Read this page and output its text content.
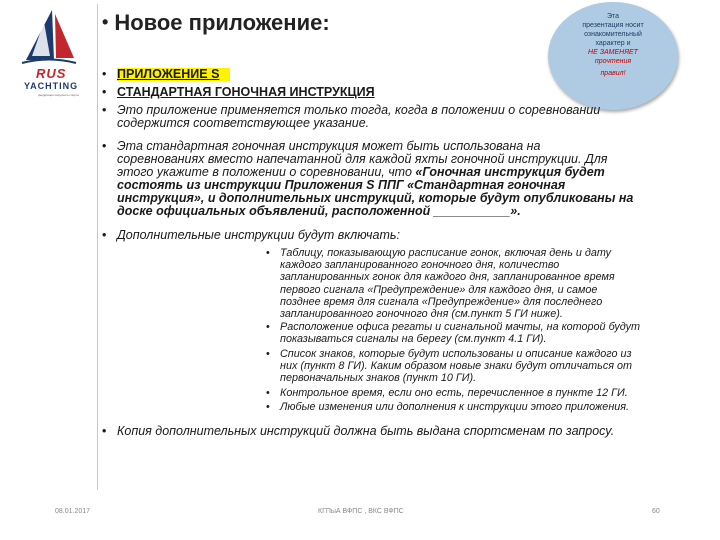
RUS
YACHTING
федерация парусного спорта
• Новое приложение:	Эта
презентация носит
ознакомительный
характер и
НЕ ЗАМЕНЯЕТ
прочтения
правил!
• ПРИЛОЖЕНИЕ S
• СТАНДАРТНАЯ ГОНОЧНАЯ ИНСТРУКЦИЯ
• Это приложение применяется только тогда, когда в положении о соревновании
содержится соответствующее указание.
• Эта стандартная гоночная инструкция может быть использована на
соревнованиях вместо напечатанной для каждой яхты гоночной инструкции. Для
этого укажите в положении о соревновании, что «Гоночная инструкция будет
состоять из инструкции Приложения S ППГ «Стандартная гоночная
инструкция», и дополнительных инструкций, которые будут опубликованы на
доске официальных объявлений, расположенной ___________».
• Дополнительные инструкции будут включать:
• Таблицу, показывающую расписание гонок, включая день и дату
каждого запланированного гоночного дня, количество
запланированных гонок для каждого дня, запланированное время
первого сигнала «Предупреждение» для каждого дня, и самое
позднее время для сигнала «Предупреждение» для последнего
запланированного гоночного дня (см.пункт 5 ГИ ниже).
• Расположение офиса регаты и сигнальной мачты, на которой будут
показываться сигналы на берегу (см.пункт 4.1 ГИ).
• Список знаков, которые будут использованы и описание каждого из
них (пункт 8 ГИ). Каким образом новые знаки будут отличаться от
первоначальных знаков (пункт 10 ГИ).
• Контрольное время, если оно есть, перечисленное в пункте 12 ГИ.
• Любые изменения или дополнения к инструкции этого приложения.
• Копия дополнительных инструкций должна быть выдана спортсменам по запросу.
08.01.2017	КГПыА ВФПС , ВКС ВФПС	60
